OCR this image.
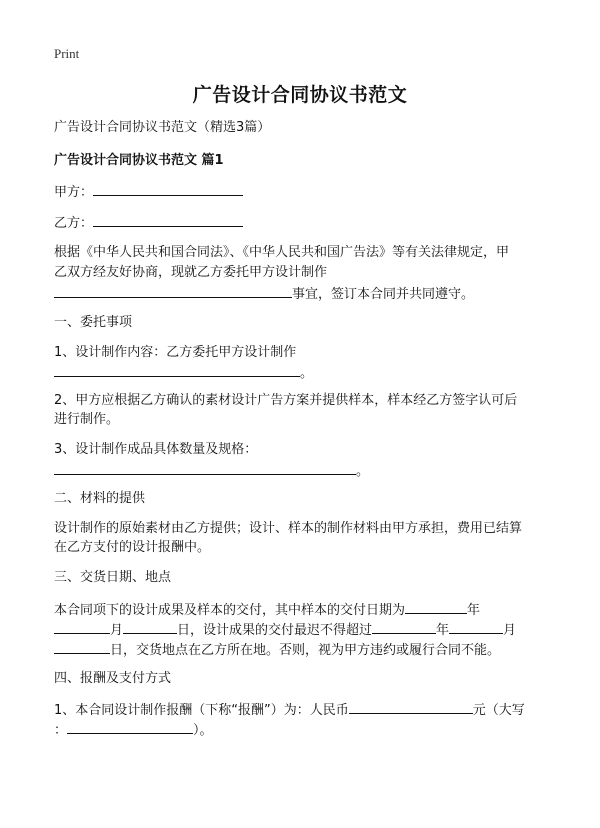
Print
广告设计合同协议书范文
广告设计合同协议书范文（精选3篇）
广告设计合同协议书范文 篇1
甲方：
乙方：
根据《中华人民共和国合同法》、《中华人民共和国广告法》等有关法律规定，甲
乙双方经友好协商，现就乙方委托甲方设计制作
事宜，签订本合同并共同遵守。
一、委托事项
1、设计制作内容：乙方委托甲方设计制作
。
2、甲方应根据乙方确认的素材设计广告方案并提供样本，样本经乙方签字认可后
进行制作。
3、设计制作成品具体数量及规格：
。
二、材料的提供
设计制作的原始素材由乙方提供；设计、样本的制作材料由甲方承担，费用已结算
在乙方支付的设计报酬中。
三、交货日期、地点
本合同项下的设计成果及样本的交付，其中样本的交付日期为	年
月	日，设计成果的交付最迟不得超过	年	月
日，交货地点在乙方所在地。否则，视为甲方违约或履行合同不能。
四、报酬及支付方式
1、本合同设计制作报酬（下称“报酬”）为：人民币	元（大写
：	）。
